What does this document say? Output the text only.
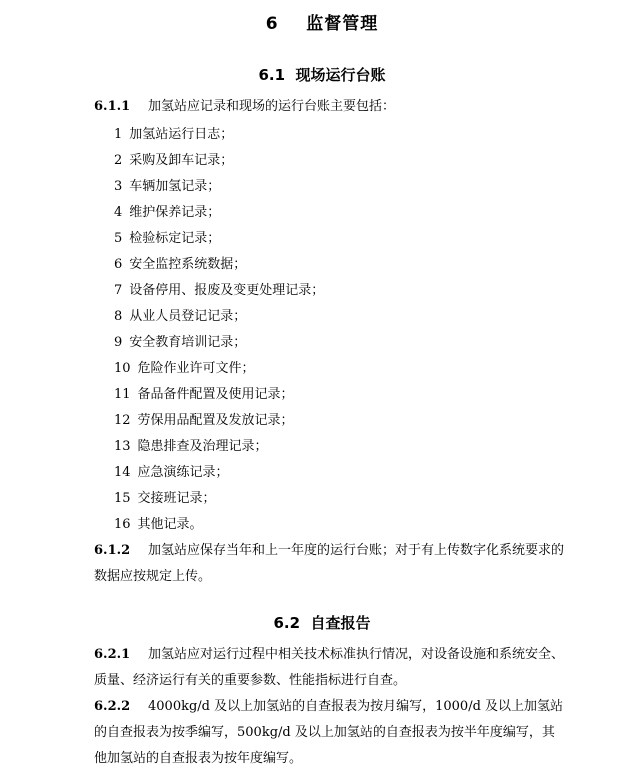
6 监督管理
6.1 现场运行台账
6.1.1 加氢站应记录和现场的运行台账主要包括：
1 加氢站运行日志；
2 采购及卸车记录；
3 车辆加氢记录；
4 维护保养记录；
5 检验标定记录；
6 安全监控系统数据；
7 设备停用、报废及变更处理记录；
8 从业人员登记记录；
9 安全教育培训记录；
10 危险作业许可文件；
11 备品备件配置及使用记录；
12 劳保用品配置及发放记录；
13 隐患排查及治理记录；
14 应急演练记录；
15 交接班记录；
16 其他记录。
6.1.2 加氢站应保存当年和上一年度的运行台账；对于有上传数字化系统要求的数据应按规定上传。
6.2 自查报告
6.2.1 加氢站应对运行过程中相关技术标准执行情况，对设备设施和系统安全、质量、经济运行有关的重要参数、性能指标进行自查。
6.2.2 4000kg/d 及以上加氢站的自查报表为按月编写，1000/d 及以上加氢站的自查报表为按季编写，500kg/d 及以上加氢站的自查报表为按半年度编写，其他加氢站的自查报表为按年度编写。
